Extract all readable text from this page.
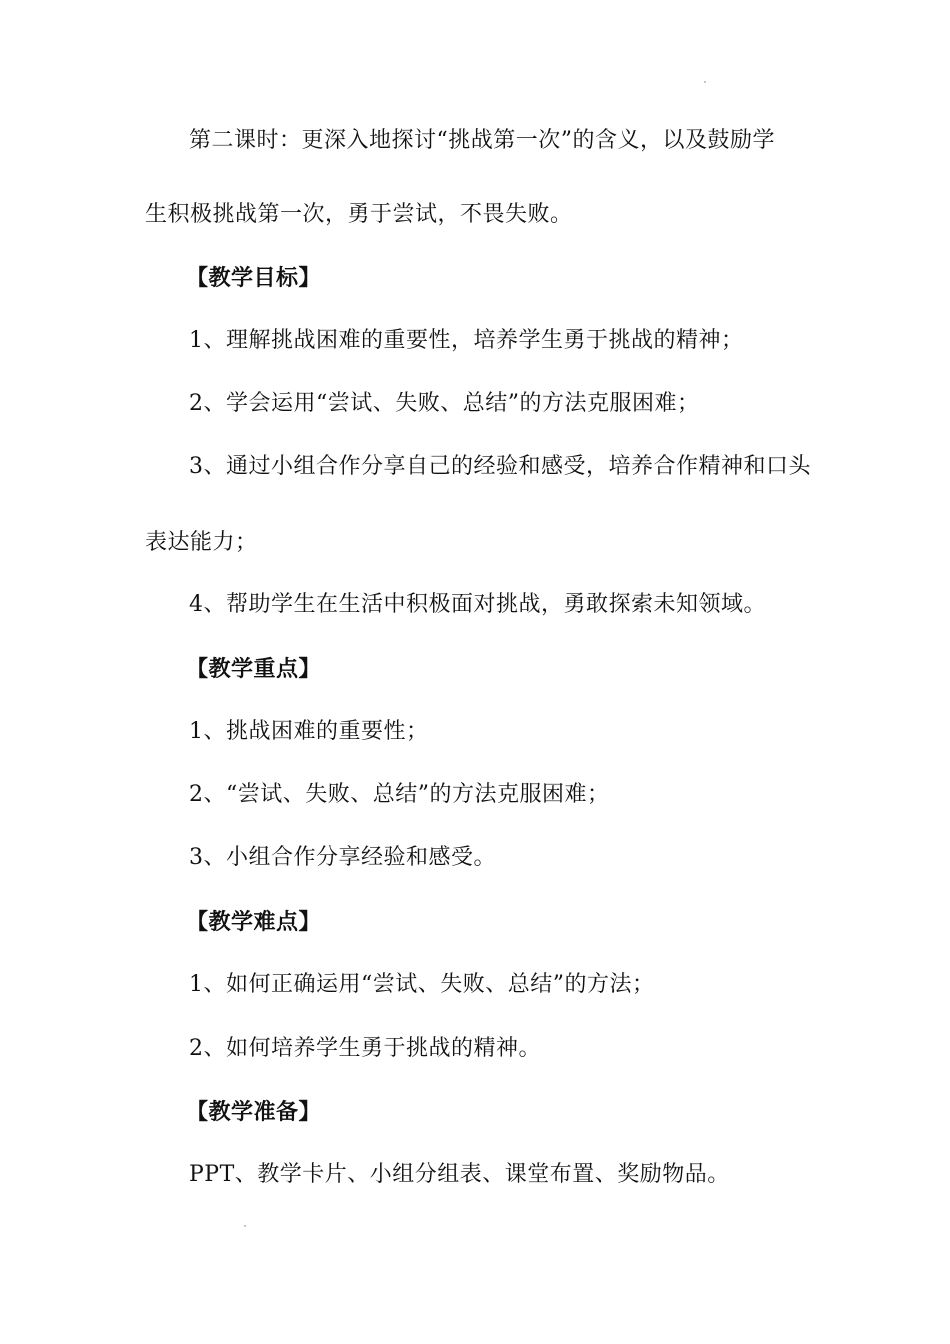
第二课时：更深入地探讨“挑战第一次”的含义，以及鼓励学
生积极挑战第一次，勇于尝试，不畏失败。
【教学目标】
1、理解挑战困难的重要性，培养学生勇于挑战的精神；
2、学会运用“尝试、失败、总结”的方法克服困难；
3、通过小组合作分享自己的经验和感受，培养合作精神和口头
表达能力；
4、帮助学生在生活中积极面对挑战，勇敢探索未知领域。
【教学重点】
1、挑战困难的重要性；
2、“尝试、失败、总结”的方法克服困难；
3、小组合作分享经验和感受。
【教学难点】
1、如何正确运用“尝试、失败、总结”的方法；
2、如何培养学生勇于挑战的精神。
【教学准备】
PPT、教学卡片、小组分组表、课堂布置、奖励物品。
